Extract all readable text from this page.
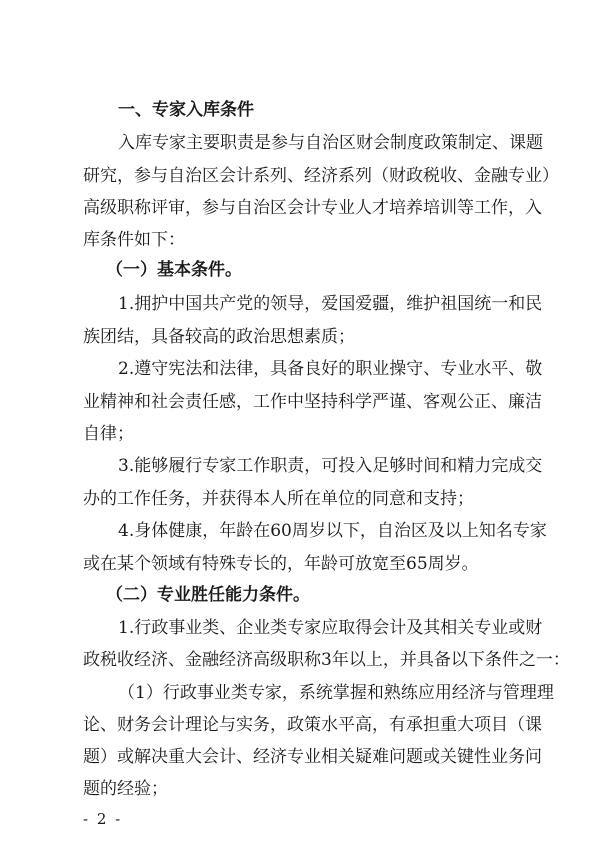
一、专家入库条件
入库专家主要职责是参与自治区财会制度政策制定、课题
研究，参与自治区会计系列、经济系列（财政税收、金融专业）
高级职称评审，参与自治区会计专业人才培养培训等工作，入
库条件如下：
（一）基本条件。
1.拥护中国共产党的领导，爱国爱疆，维护祖国统一和民
族团结，具备较高的政治思想素质；
2.遵守宪法和法律，具备良好的职业操守、专业水平、敬
业精神和社会责任感，工作中坚持科学严谨、客观公正、廉洁
自律；
3.能够履行专家工作职责，可投入足够时间和精力完成交
办的工作任务，并获得本人所在单位的同意和支持；
4.身体健康，年龄在60周岁以下，自治区及以上知名专家
或在某个领域有特殊专长的，年龄可放宽至65周岁。
（二）专业胜任能力条件。
1.行政事业类、企业类专家应取得会计及其相关专业或财
政税收经济、金融经济高级职称3年以上，并具备以下条件之一：
（1）行政事业类专家，系统掌握和熟练应用经济与管理理
论、财务会计理论与实务，政策水平高，有承担重大项目（课
题）或解决重大会计、经济专业相关疑难问题或关键性业务问
题的经验；
- 2 -
